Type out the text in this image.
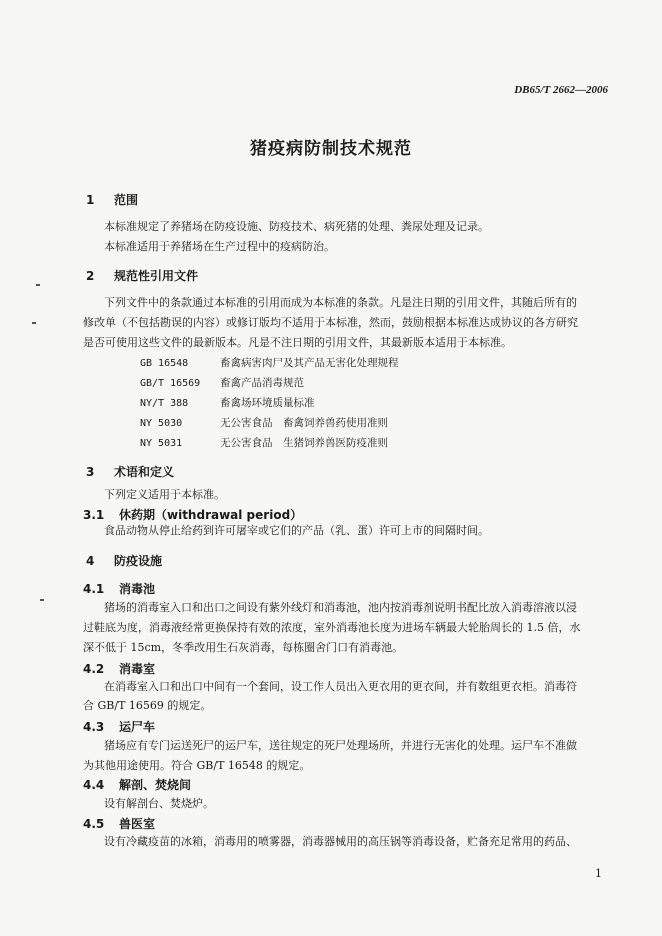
DB65/T 2662—2006
猪疫病防制技术规范
1 范围
本标准规定了养猪场在防疫设施、防疫技术、病死猪的处理、粪尿处理及记录。
本标准适用于养猪场在生产过程中的疫病防治。
2 规范性引用文件
下列文件中的条款通过本标准的引用而成为本标准的条款。凡是注日期的引用文件，其随后所有的
修改单（不包括勘误的内容）或修订版均不适用于本标准，然而，鼓励根据本标准达成协议的各方研究
是否可使用这些文件的最新版本。凡是不注日期的引用文件，其最新版本适用于本标准。
GB 16548	畜禽病害肉尸及其产品无害化处理规程
GB/T 16569 畜禽产品消毒规范
NY/T 388	畜禽场环境质量标准
NY 5030	无公害食品　畜禽饲养兽药使用准则
NY 5031	无公害食品　生猪饲养兽医防疫准则
3 术语和定义
下列定义适用于本标准。
3.1 休药期（withdrawal period）
食品动物从停止给药到许可屠宰或它们的产品（乳、蛋）许可上市的间隔时间。
4 防疫设施
4.1 消毒池
猪场的消毒室入口和出口之间设有紫外线灯和消毒池，池内按消毒剂说明书配比放入消毒溶液以浸
过鞋底为度，消毒液经常更换保持有效的浓度，室外消毒池长度为进场车辆最大轮胎周长的 1.5 倍，水
深不低于 15cm，冬季改用生石灰消毒，每栋圈舍门口有消毒池。
4.2 消毒室
在消毒室入口和出口中间有一个套间，设工作人员出入更衣用的更衣间，并有数组更衣柜。消毒符
合 GB/T 16569 的规定。
4.3 运尸车
猪场应有专门运送死尸的运尸车，送往规定的死尸处理场所，并进行无害化的处理。运尸车不准做
为其他用途使用。符合 GB/T 16548 的规定。
4.4 解剖、焚烧间
设有解剖台、焚烧炉。
4.5 兽医室
设有冷藏疫苗的冰箱，消毒用的喷雾器，消毒器械用的高压锅等消毒设备，贮备充足常用的药品、
1
